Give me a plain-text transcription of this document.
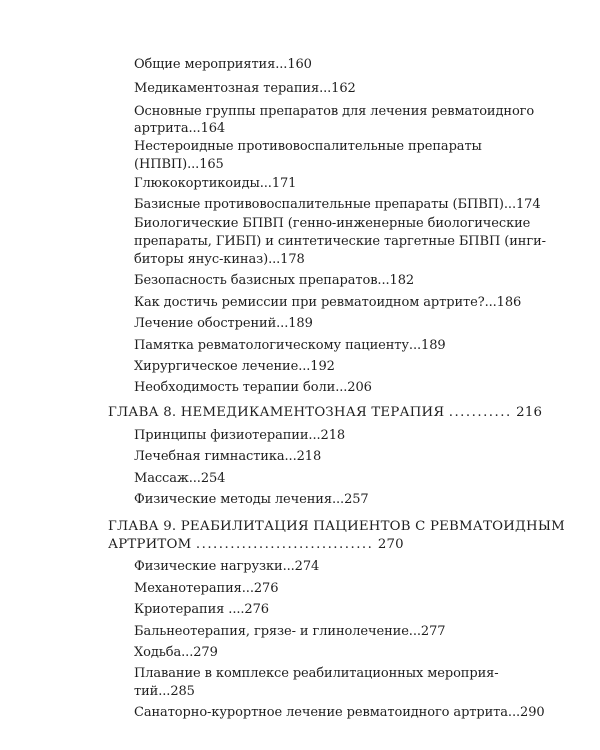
Общие мероприятия...160
Медикаментозная терапия...162
Основные группы препаратов для лечения ревматоидного
артрита...164
Нестероидные противовоспалительные препараты
(НПВП)...165
Глюкокортикоиды...171
Базисные противовоспалительные препараты (БПВП)...174
Биологические БПВП (генно-инженерные биологические
препараты, ГИБП) и синтетические таргетные БПВП (инги-
биторы янус-киназ)...178
Безопасность базисных препаратов...182
Как достичь ремиссии при ревматоидном артрите?...186
Лечение обострений...189
Памятка ревматологическому пациенту...189
Хирургическое лечение...192
Необходимость терапии боли...206
ГЛАВА 8. НЕМЕДИКАМЕНТОЗНАЯ ТЕРАПИЯ ........... 216
Принципы физиотерапии...218
Лечебная гимнастика...218
Массаж...254
Физические методы лечения...257
ГЛАВА 9. РЕАБИЛИТАЦИЯ ПАЦИЕНТОВ С РЕВМАТОИДНЫМ
АРТРИТОМ ............................... 270
Физические нагрузки...274
Механотерапия...276
Криотерапия ....276
Бальнеотерапия, грязе- и глинолечение...277
Ходьба...279
Плавание в комплексе реабилитационных мероприя-
тий...285
Санаторно-курортное лечение ревматоидного артрита...290
